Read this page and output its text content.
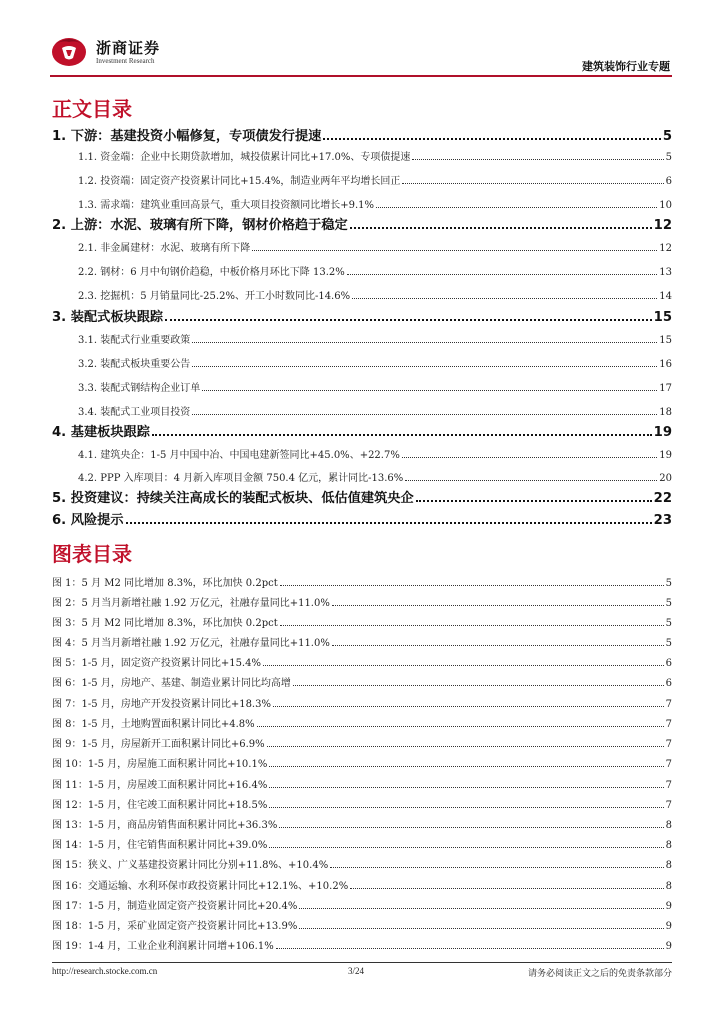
浙商证券
Investment Research	建筑装饰行业专题
正文目录
1. 下游：基建投资小幅修复，专项债发行提速	5
1.1. 资金端：企业中长期贷款增加，城投债累计同比+17.0%、专项债提速	5
1.2. 投资端：固定资产投资累计同比+15.4%，制造业两年平均增长回正	6
1.3. 需求端：建筑业重回高景气，重大项目投资额同比增长+9.1%	10
2. 上游：水泥、玻璃有所下降，钢材价格趋于稳定	12
2.1. 非金属建材：水泥、玻璃有所下降	12
2.2. 钢材：6 月中旬钢价趋稳，中板价格月环比下降 13.2%	13
2.3. 挖掘机：5 月销量同比-25.2%、开工小时数同比-14.6%	14
3. 装配式板块跟踪	15
3.1. 装配式行业重要政策	15
3.2. 装配式板块重要公告	16
3.3. 装配式钢结构企业订单	17
3.4. 装配式工业项目投资	18
4. 基建板块跟踪	19
4.1. 建筑央企：1-5 月中国中冶、中国电建新签同比+45.0%、+22.7%	19
4.2. PPP 入库项目：4 月新入库项目金额 750.4 亿元，累计同比-13.6%	20
5. 投资建议：持续关注高成长的装配式板块、低估值建筑央企	22
6. 风险提示	23
图表目录
图 1：5 月 M2 同比增加 8.3%，环比加快 0.2pct	5
图 2：5 月当月新增社融 1.92 万亿元，社融存量同比+11.0%	5
图 3：5 月 M2 同比增加 8.3%，环比加快 0.2pct	5
图 4：5 月当月新增社融 1.92 万亿元，社融存量同比+11.0%	5
图 5：1-5 月，固定资产投资累计同比+15.4%	6
图 6：1-5 月，房地产、基建、制造业累计同比均高增	6
图 7：1-5 月，房地产开发投资累计同比+18.3%	7
图 8：1-5 月，土地购置面积累计同比+4.8%	7
图 9：1-5 月，房屋新开工面积累计同比+6.9%	7
图 10：1-5 月，房屋施工面积累计同比+10.1%	7
图 11：1-5 月，房屋竣工面积累计同比+16.4%	7
图 12：1-5 月，住宅竣工面积累计同比+18.5%	7
图 13：1-5 月，商品房销售面积累计同比+36.3%	8
图 14：1-5 月，住宅销售面积累计同比+39.0%	8
图 15：狭义、广义基建投资累计同比分别+11.8%、+10.4%	8
图 16：交通运输、水利环保市政投资累计同比+12.1%、+10.2%	8
图 17：1-5 月，制造业固定资产投资累计同比+20.4%	9
图 18：1-5 月，采矿业固定资产投资累计同比+13.9%	9
图 19：1-4 月，工业企业利润累计同增+106.1%	9
http://research.stocke.com.cn	3/24	请务必阅读正文之后的免责条款部分
